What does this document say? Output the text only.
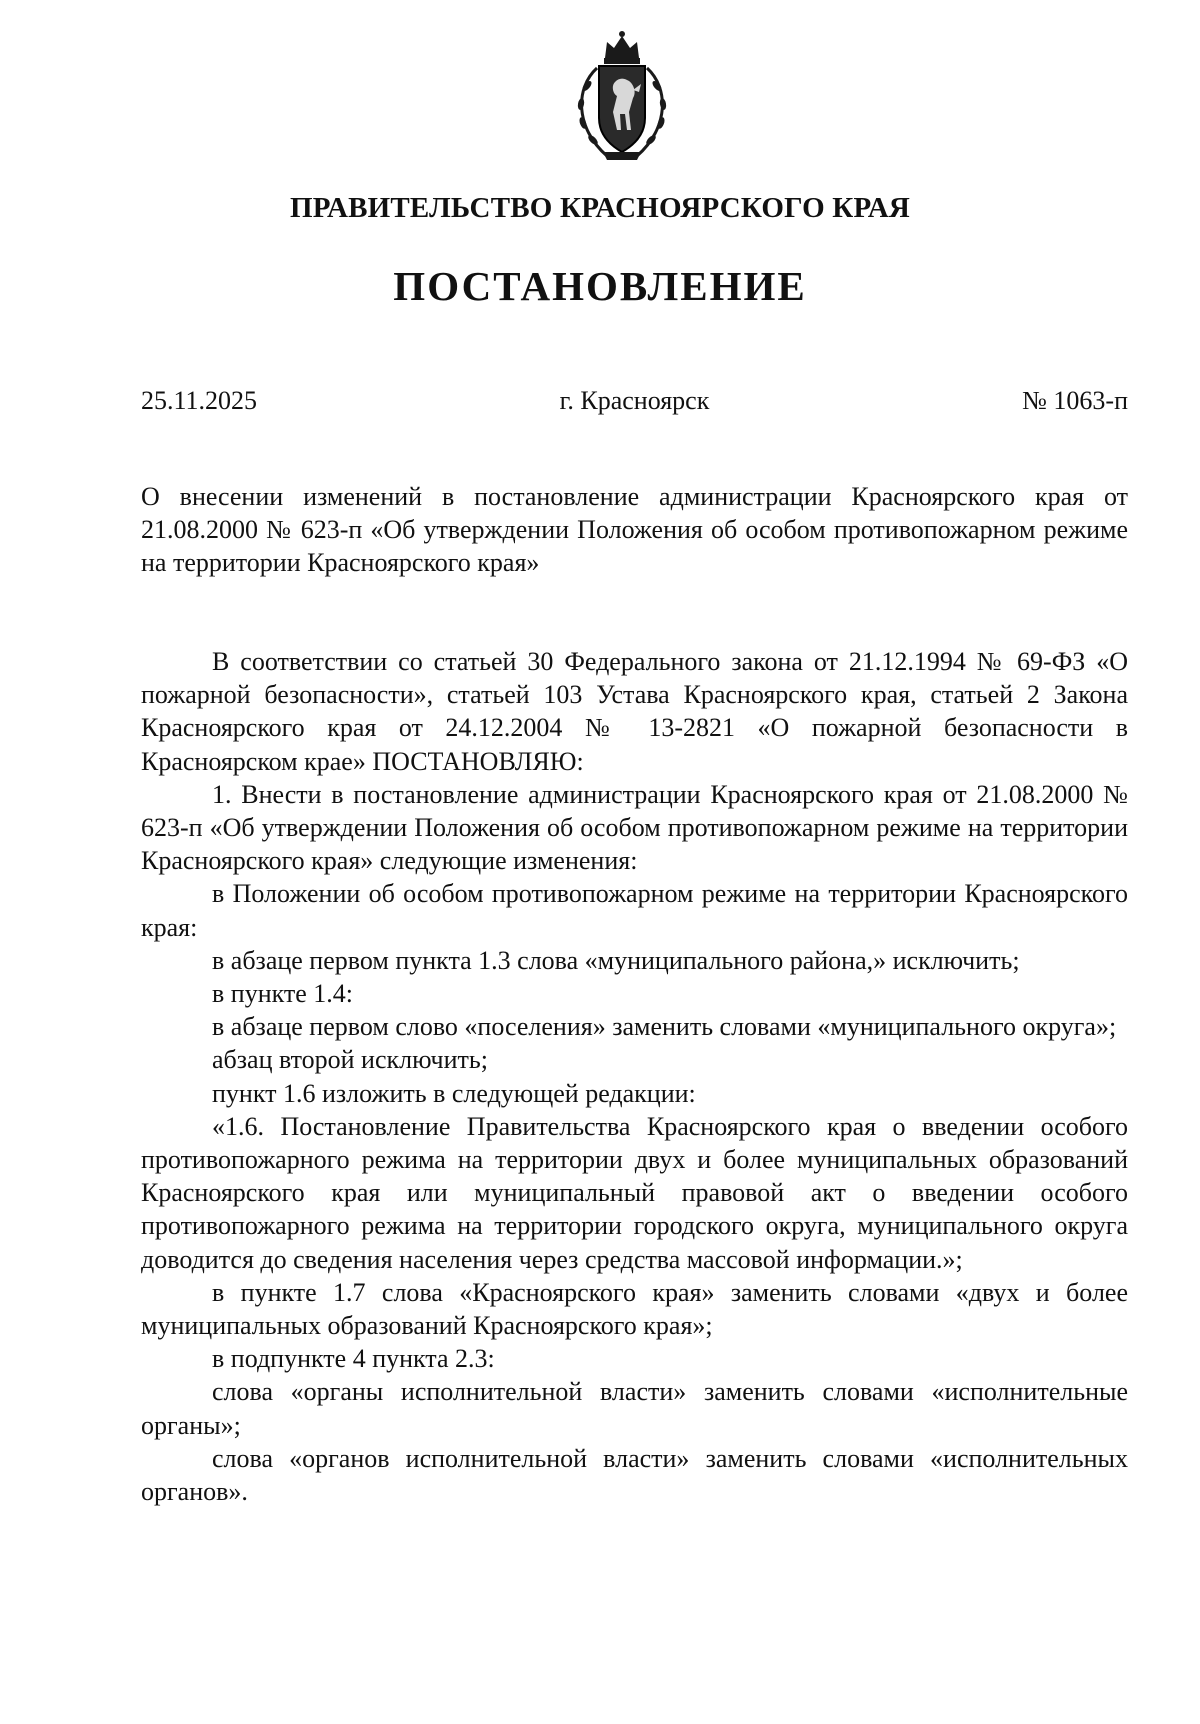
ПРАВИТЕЛЬСТВО КРАСНОЯРСКОГО КРАЯ
ПОСТАНОВЛЕНИЕ
25.11.2025	г. Красноярск	№ 1063-п
О внесении изменений в постановление администрации Красноярского края от 21.08.2000 № 623-п «Об утверждении Положения об особом противопожарном режиме на территории Красноярского края»

В соответствии со статьей 30 Федерального закона от 21.12.1994 № 69-ФЗ «О пожарной безопасности», статьей 103 Устава Красноярского края, статьей 2 Закона Красноярского края от 24.12.2004 № 13-2821 «О пожарной безопасности в Красноярском крае» ПОСТАНОВЛЯЮ:

1. Внести в постановление администрации Красноярского края от 21.08.2000 № 623-п «Об утверждении Положения об особом противопожарном режиме на территории Красноярского края» следующие изменения:

в Положении об особом противопожарном режиме на территории Красноярского края:

в абзаце первом пункта 1.3 слова «муниципального района,» исключить;

в пункте 1.4:

в абзаце первом слово «поселения» заменить словами «муниципального округа»;

абзац второй исключить;

пункт 1.6 изложить в следующей редакции:

«1.6. Постановление Правительства Красноярского края о введении особого противопожарного режима на территории двух и более муниципальных образований Красноярского края или муниципальный правовой акт о введении особого противопожарного режима на территории городского округа, муниципального округа доводится до сведения населения через средства массовой информации.»;

в пункте 1.7 слова «Красноярского края» заменить словами «двух и более муниципальных образований Красноярского края»;

в подпункте 4 пункта 2.3:

слова «органы исполнительной власти» заменить словами «исполнительные органы»;

слова «органов исполнительной власти» заменить словами «исполнительных органов».
